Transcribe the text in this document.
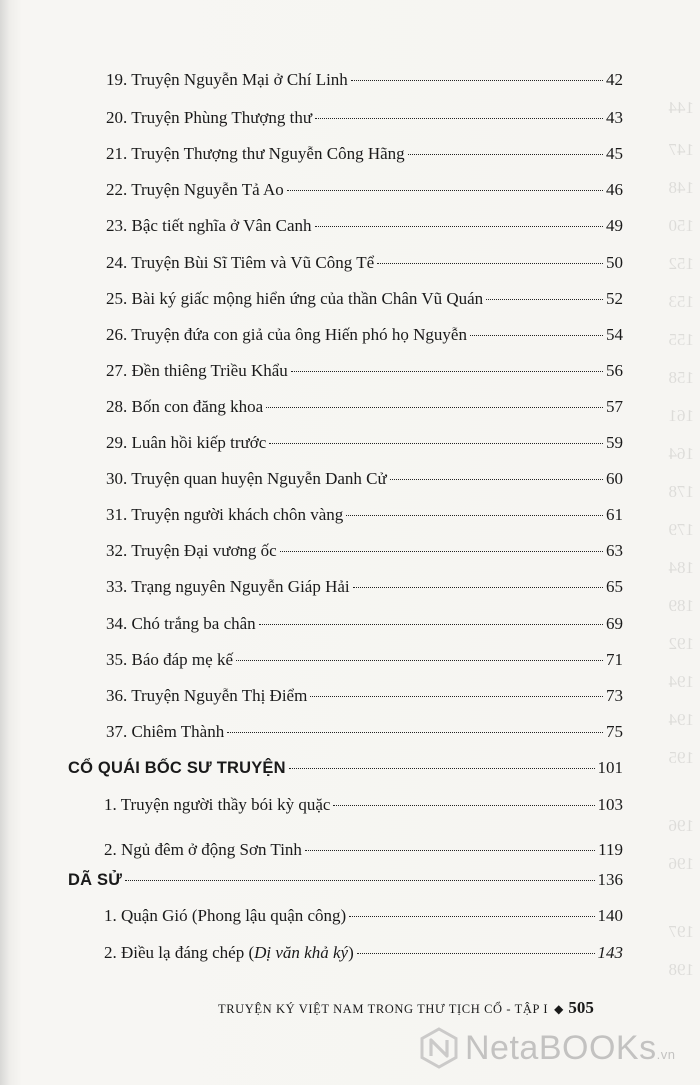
144
147
148
150
152
153
155
158
161
164
178
179
184
189
192
194
194
195
196
196
197
198
19. Truyện Nguyễn Mại ở Chí Linh	42
20. Truyện Phùng Thượng thư	43
21. Truyện Thượng thư Nguyễn Công Hãng	45
22. Truyện Nguyễn Tả Ao	46
23. Bậc tiết nghĩa ở Vân Canh	49
24. Truyện Bùi Sĩ Tiêm và Vũ Công Tể	50
25. Bài ký giấc mộng hiển ứng của thần Chân Vũ Quán	52
26. Truyện đứa con giả của ông Hiến phó họ Nguyễn	54
27. Đền thiêng Triều Khẩu	56
28. Bốn con đăng khoa	57
29. Luân hồi kiếp trước	59
30. Truyện quan huyện Nguyễn Danh Cử	60
31. Truyện người khách chôn vàng	61
32. Truyện Đại vương ốc	63
33. Trạng nguyên Nguyễn Giáp Hải	65
34. Chó trắng ba chân	69
35. Báo đáp mẹ kế	71
36. Truyện Nguyễn Thị Điểm	73
37. Chiêm Thành	75
CỔ QUÁI BỐC SƯ TRUYỆN	101
1. Truyện người thầy bói kỳ quặc	103
2. Ngủ đêm ở động Sơn Tinh	119
DÃ SỬ	136
1. Quận Gió (Phong lậu quận công)	140
2. Điều lạ đáng chép (Dị văn khả ký)	143
TRUYỆN KÝ VIỆT NAM TRONG THƯ TỊCH CỔ - TẬP I ◆ 505
NetaBOOKs.vn
